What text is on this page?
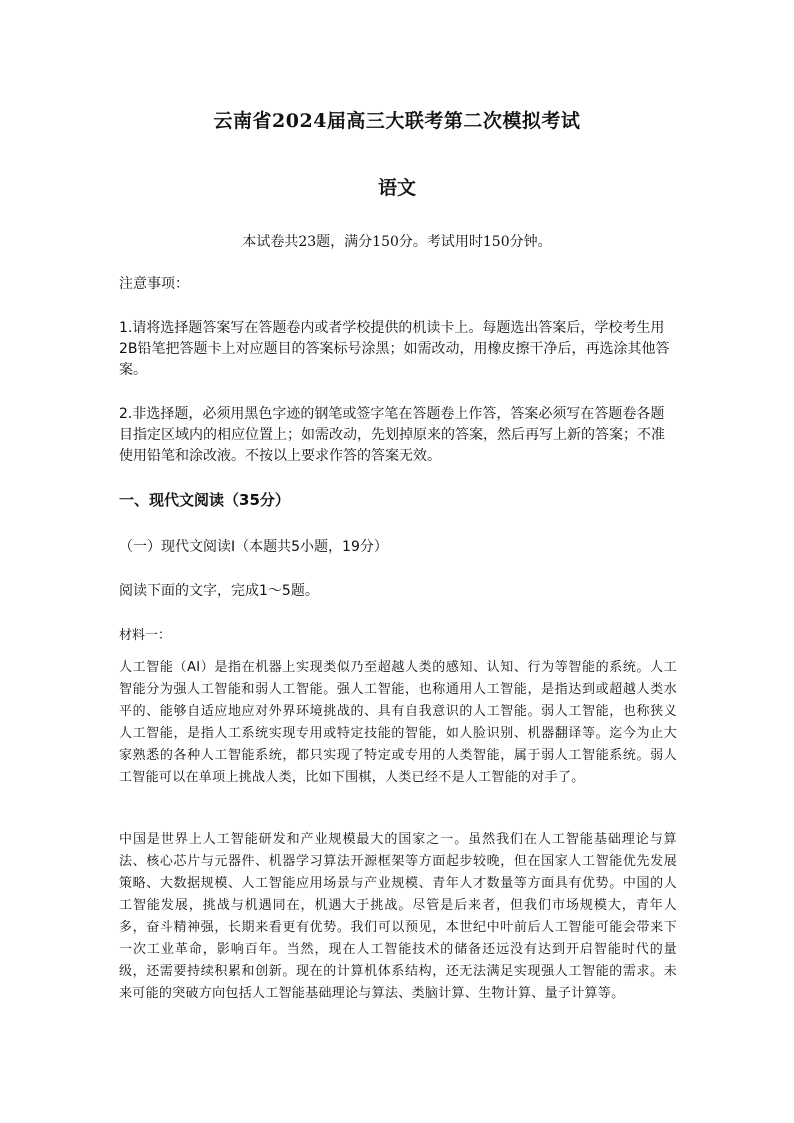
云南省2024届高三大联考第二次模拟考试
语文
本试卷共23题，满分150分。考试用时150分钟。
注意事项：
1.请将选择题答案写在答题卷内或者学校提供的机读卡上。每题选出答案后，学校考生用2B铅笔把答题卡上对应题目的答案标号涂黑；如需改动，用橡皮擦干净后，再选涂其他答案。
2.非选择题，必须用黑色字迹的钢笔或签字笔在答题卷上作答，答案必须写在答题卷各题目指定区域内的相应位置上；如需改动，先划掉原来的答案，然后再写上新的答案；不准使用铅笔和涂改液。不按以上要求作答的答案无效。
一、现代文阅读（35分）
（一）现代文阅读Ⅰ（本题共5小题，19分）
阅读下面的文字，完成1～5题。
材料一：
人工智能（AI）是指在机器上实现类似乃至超越人类的感知、认知、行为等智能的系统。人工智能分为强人工智能和弱人工智能。强人工智能，也称通用人工智能，是指达到或超越人类水平的、能够自适应地应对外界环境挑战的、具有自我意识的人工智能。弱人工智能，也称狭义人工智能，是指人工系统实现专用或特定技能的智能，如人脸识别、机器翻译等。迄今为止大家熟悉的各种人工智能系统，都只实现了特定或专用的人类智能，属于弱人工智能系统。弱人工智能可以在单项上挑战人类，比如下围棋，人类已经不是人工智能的对手了。
中国是世界上人工智能研发和产业规模最大的国家之一。虽然我们在人工智能基础理论与算法、核心芯片与元器件、机器学习算法开源框架等方面起步较晚，但在国家人工智能优先发展策略、大数据规模、人工智能应用场景与产业规模、青年人才数量等方面具有优势。中国的人工智能发展，挑战与机遇同在，机遇大于挑战。尽管是后来者，但我们市场规模大，青年人多，奋斗精神强，长期来看更有优势。我们可以预见，本世纪中叶前后人工智能可能会带来下一次工业革命，影响百年。当然，现在人工智能技术的储备还远没有达到开启智能时代的量级，还需要持续积累和创新。现在的计算机体系结构，还无法满足实现强人工智能的需求。未来可能的突破方向包括人工智能基础理论与算法、类脑计算、生物计算、量子计算等。
